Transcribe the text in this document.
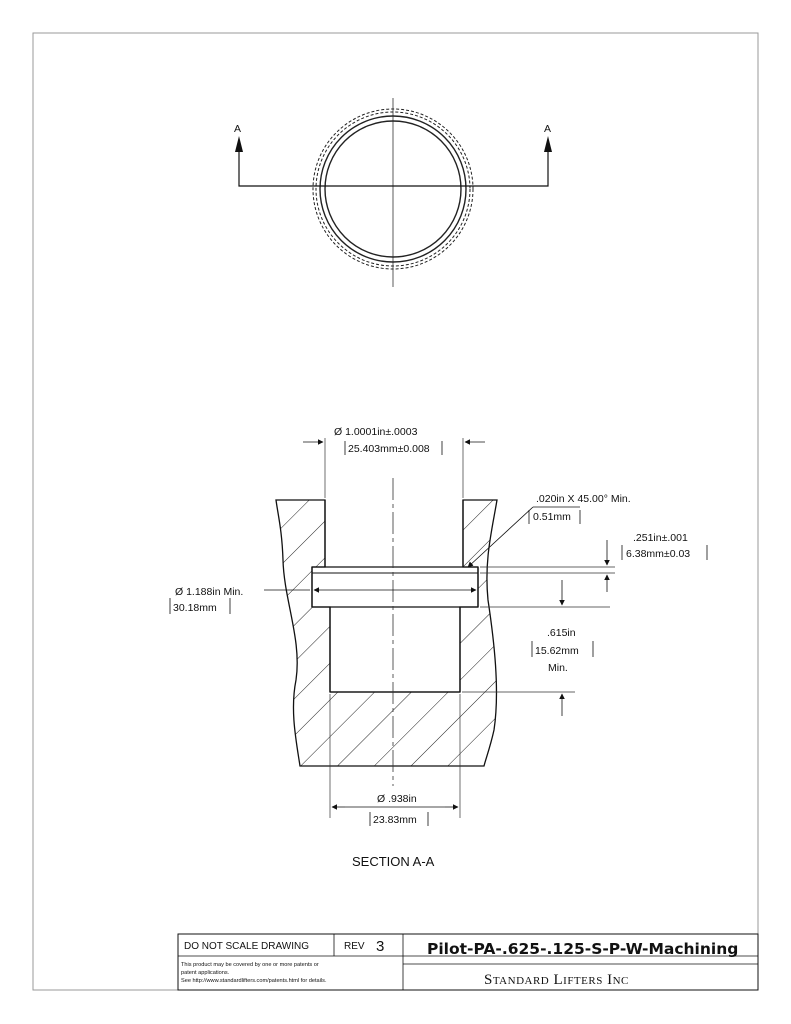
A	A
Ø 1.0001in±.0003
25.403mm±0.008
.020in X 45.00° Min.
0.51mm
.251in±.001
6.38mm±0.03
Ø 1.188in Min.
30.18mm
.615in
15.62mm
Min.
Ø .938in
23.83mm
SECTION A-A
DO NOT SCALE DRAWING	REV 3	Pilot-PA-.625-.125-S-P-W-Machining
This product may be covered by one or more patents or
patent applications.
See http://www.standardlifters.com/patents.html for details.	Standard Lifters Inc
